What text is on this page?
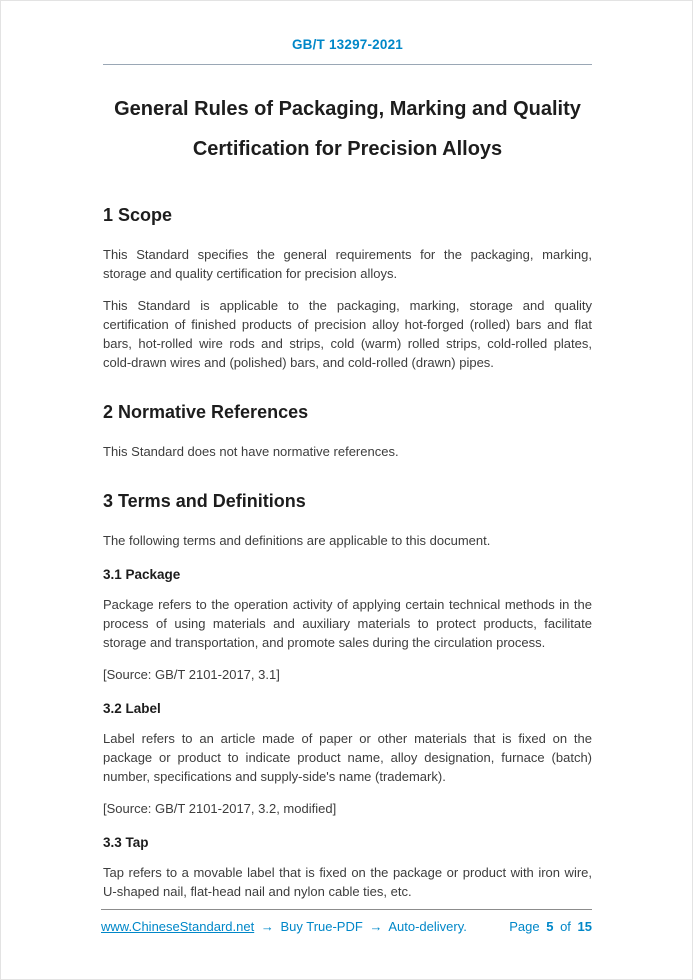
GB/T 13297-2021
General Rules of Packaging, Marking and Quality
Certification for Precision Alloys
1 Scope

This Standard specifies the general requirements for the packaging, marking, storage and quality certification for precision alloys.

This Standard is applicable to the packaging, marking, storage and quality certification of finished products of precision alloy hot-forged (rolled) bars and flat bars, hot-rolled wire rods and strips, cold (warm) rolled strips, cold-rolled plates, cold-drawn wires and (polished) bars, and cold-rolled (drawn) pipes.

2 Normative References

This Standard does not have normative references.

3 Terms and Definitions

The following terms and definitions are applicable to this document.

3.1 Package

Package refers to the operation activity of applying certain technical methods in the process of using materials and auxiliary materials to protect products, facilitate storage and transportation, and promote sales during the circulation process.

[Source: GB/T 2101-2017, 3.1]

3.2 Label

Label refers to an article made of paper or other materials that is fixed on the package or product to indicate product name, alloy designation, furnace (batch) number, specifications and supply-side's name (trademark).

[Source: GB/T 2101-2017, 3.2, modified]

3.3 Tap

Tap refers to a movable label that is fixed on the package or product with iron wire, U-shaped nail, flat-head nail and nylon cable ties, etc.

www.ChineseStandard.net → Buy True-PDF → Auto-delivery.	Page 5 of 15
